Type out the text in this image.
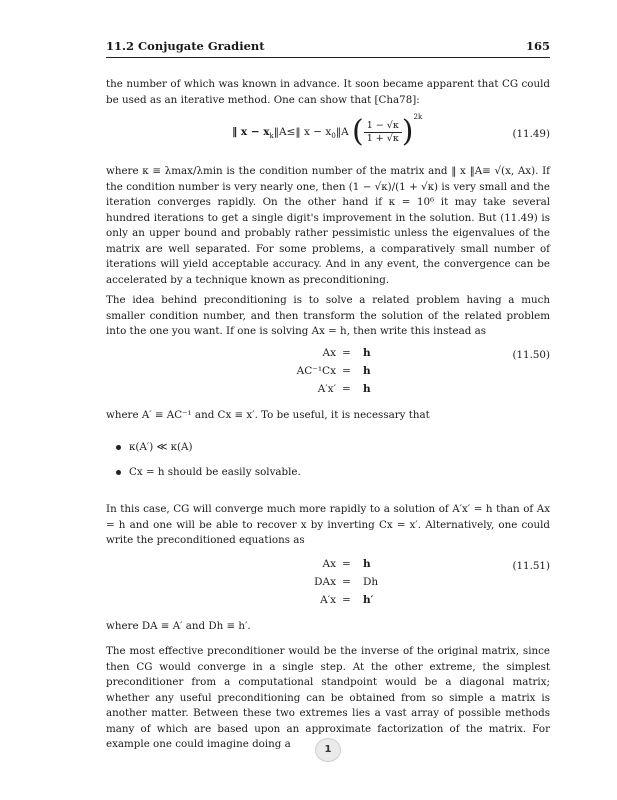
11.2 Conjugate Gradient	165

the number of which was known in advance. It soon became apparent that CG could be used as an iterative method. One can show that [Cha78]:

‖ $x - x_k‖A\le‖$ $x - x_0‖A$ ( $\frac{1 - √\kappa}{1 + √\kappa} )^{2k}$
(11.49)

where κ ≡ λmax/λmin is the condition number of the matrix and ‖ x ‖A≡ √(x, Ax). If the condition number is very nearly one, then (1 − √κ)/(1 + √κ) is very small and the iteration converges rapidly. On the other hand if κ = 10⁶ it may take several hundred iterations to get a single digit's improvement in the solution. But (11.49) is only an upper bound and probably rather pessimistic unless the eigenvalues of the matrix are well separated. For some problems, a comparatively small number of iterations will yield acceptable accuracy. And in any event, the convergence can be accelerated by a technique known as preconditioning.

The idea behind preconditioning is to solve a related problem having a much smaller condition number, and then transform the solution of the related problem into the one you want. If one is solving Ax = h, then write this instead as

Ax = h
AC⁻¹Cx = h
A′x′ = h
(11.50)

where A′ ≡ AC⁻¹ and Cx ≡ x′. To be useful, it is necessary that

κ(A′) ≪ κ(A)
Cx = h should be easily solvable.

In this case, CG will converge much more rapidly to a solution of A′x′ = h than of Ax = h and one will be able to recover x by inverting Cx = x′. Alternatively, one could write the preconditioned equations as

Ax = h
DAx = Dh
A′x = h′
(11.51)

where DA ≡ A′ and Dh ≡ h′.

The most effective preconditioner would be the inverse of the original matrix, since then CG would converge in a single step. At the other extreme, the simplest preconditioner from a computational standpoint would be a diagonal matrix; whether any useful preconditioning can be obtained from so simple a matrix is another matter. Between these two extremes lies a vast array of possible methods many of which are based upon an approximate factorization of the matrix. For example one could imagine doing a	1
